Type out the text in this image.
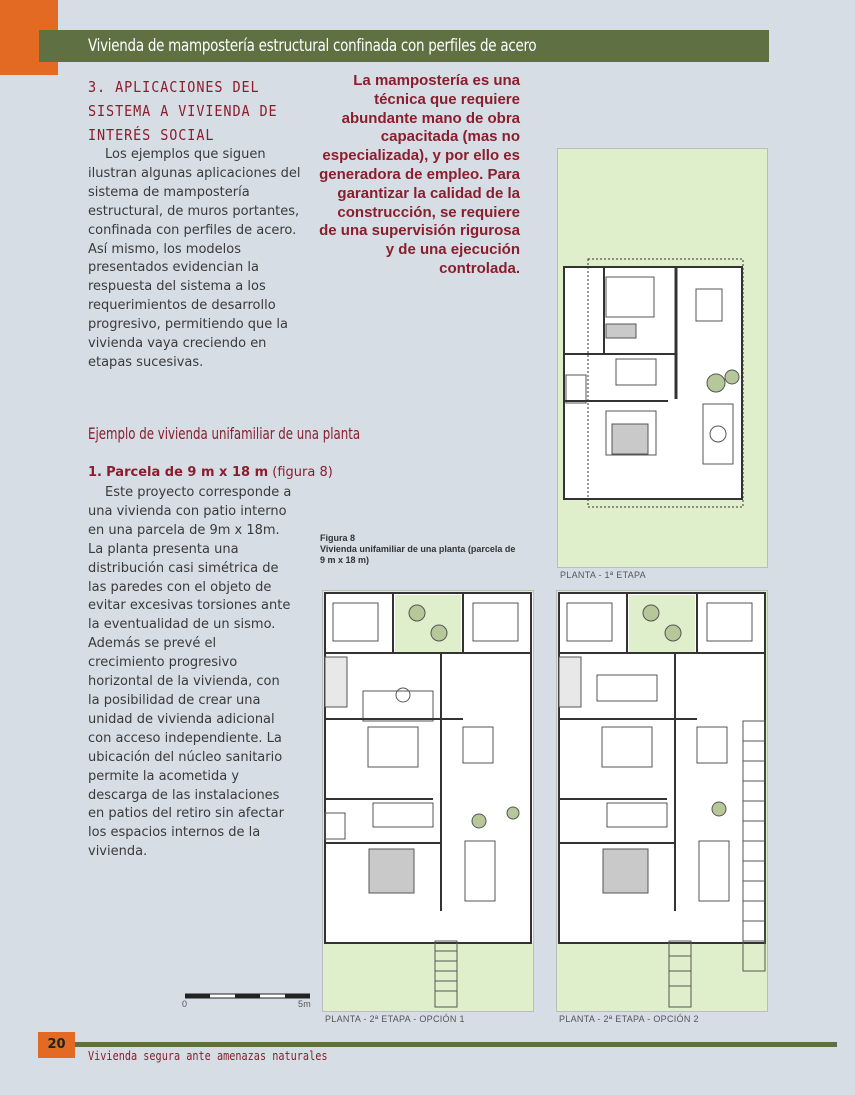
Vivienda de mampostería estructural confinada con perfiles de acero
3. APLICACIONES DEL SISTEMA A VIVIENDA DE INTERÉS SOCIAL

Los ejemplos que siguen ilustran algunas aplicaciones del sistema de mampostería estructural, de muros portantes, confinada con perfiles de acero. Así mismo, los modelos presentados evidencian la respuesta del sistema a los requerimientos de desarrollo progresivo, permitiendo que la vivienda vaya creciendo en etapas sucesivas.

La mampostería es una técnica que requiere abundante mano de obra capacitada (mas no especializada), y por ello es generadora de empleo. Para garantizar la calidad de la construcción, se requiere de una supervisión rigurosa y de una ejecución controlada.
Ejemplo de vivienda unifamiliar de una planta
1. Parcela de 9 m x 18 m (figura 8)

Este proyecto corresponde a una vivienda con patio interno en una parcela de 9m x 18m. La planta presenta una distribución casi simétrica de las paredes con el objeto de evitar excesivas torsiones ante la eventualidad de un sismo. Además se prevé el crecimiento progresivo horizontal de la vivienda, con la posibilidad de crear una unidad de vivienda adicional con acceso independiente. La ubicación del núcleo sanitario permite la acometida y descarga de las instalaciones en patios del retiro sin afectar los espacios internos de la vivienda.

Figura 8
Vivienda unifamiliar de una planta (parcela de 9 m x 18 m)
PLANTA - 1ª ETAPA
PLANTA - 2ª ETAPA - OPCIÓN 1	PLANTA - 2ª ETAPA - OPCIÓN 2
0	5m
20
Vivienda segura ante amenazas naturales
